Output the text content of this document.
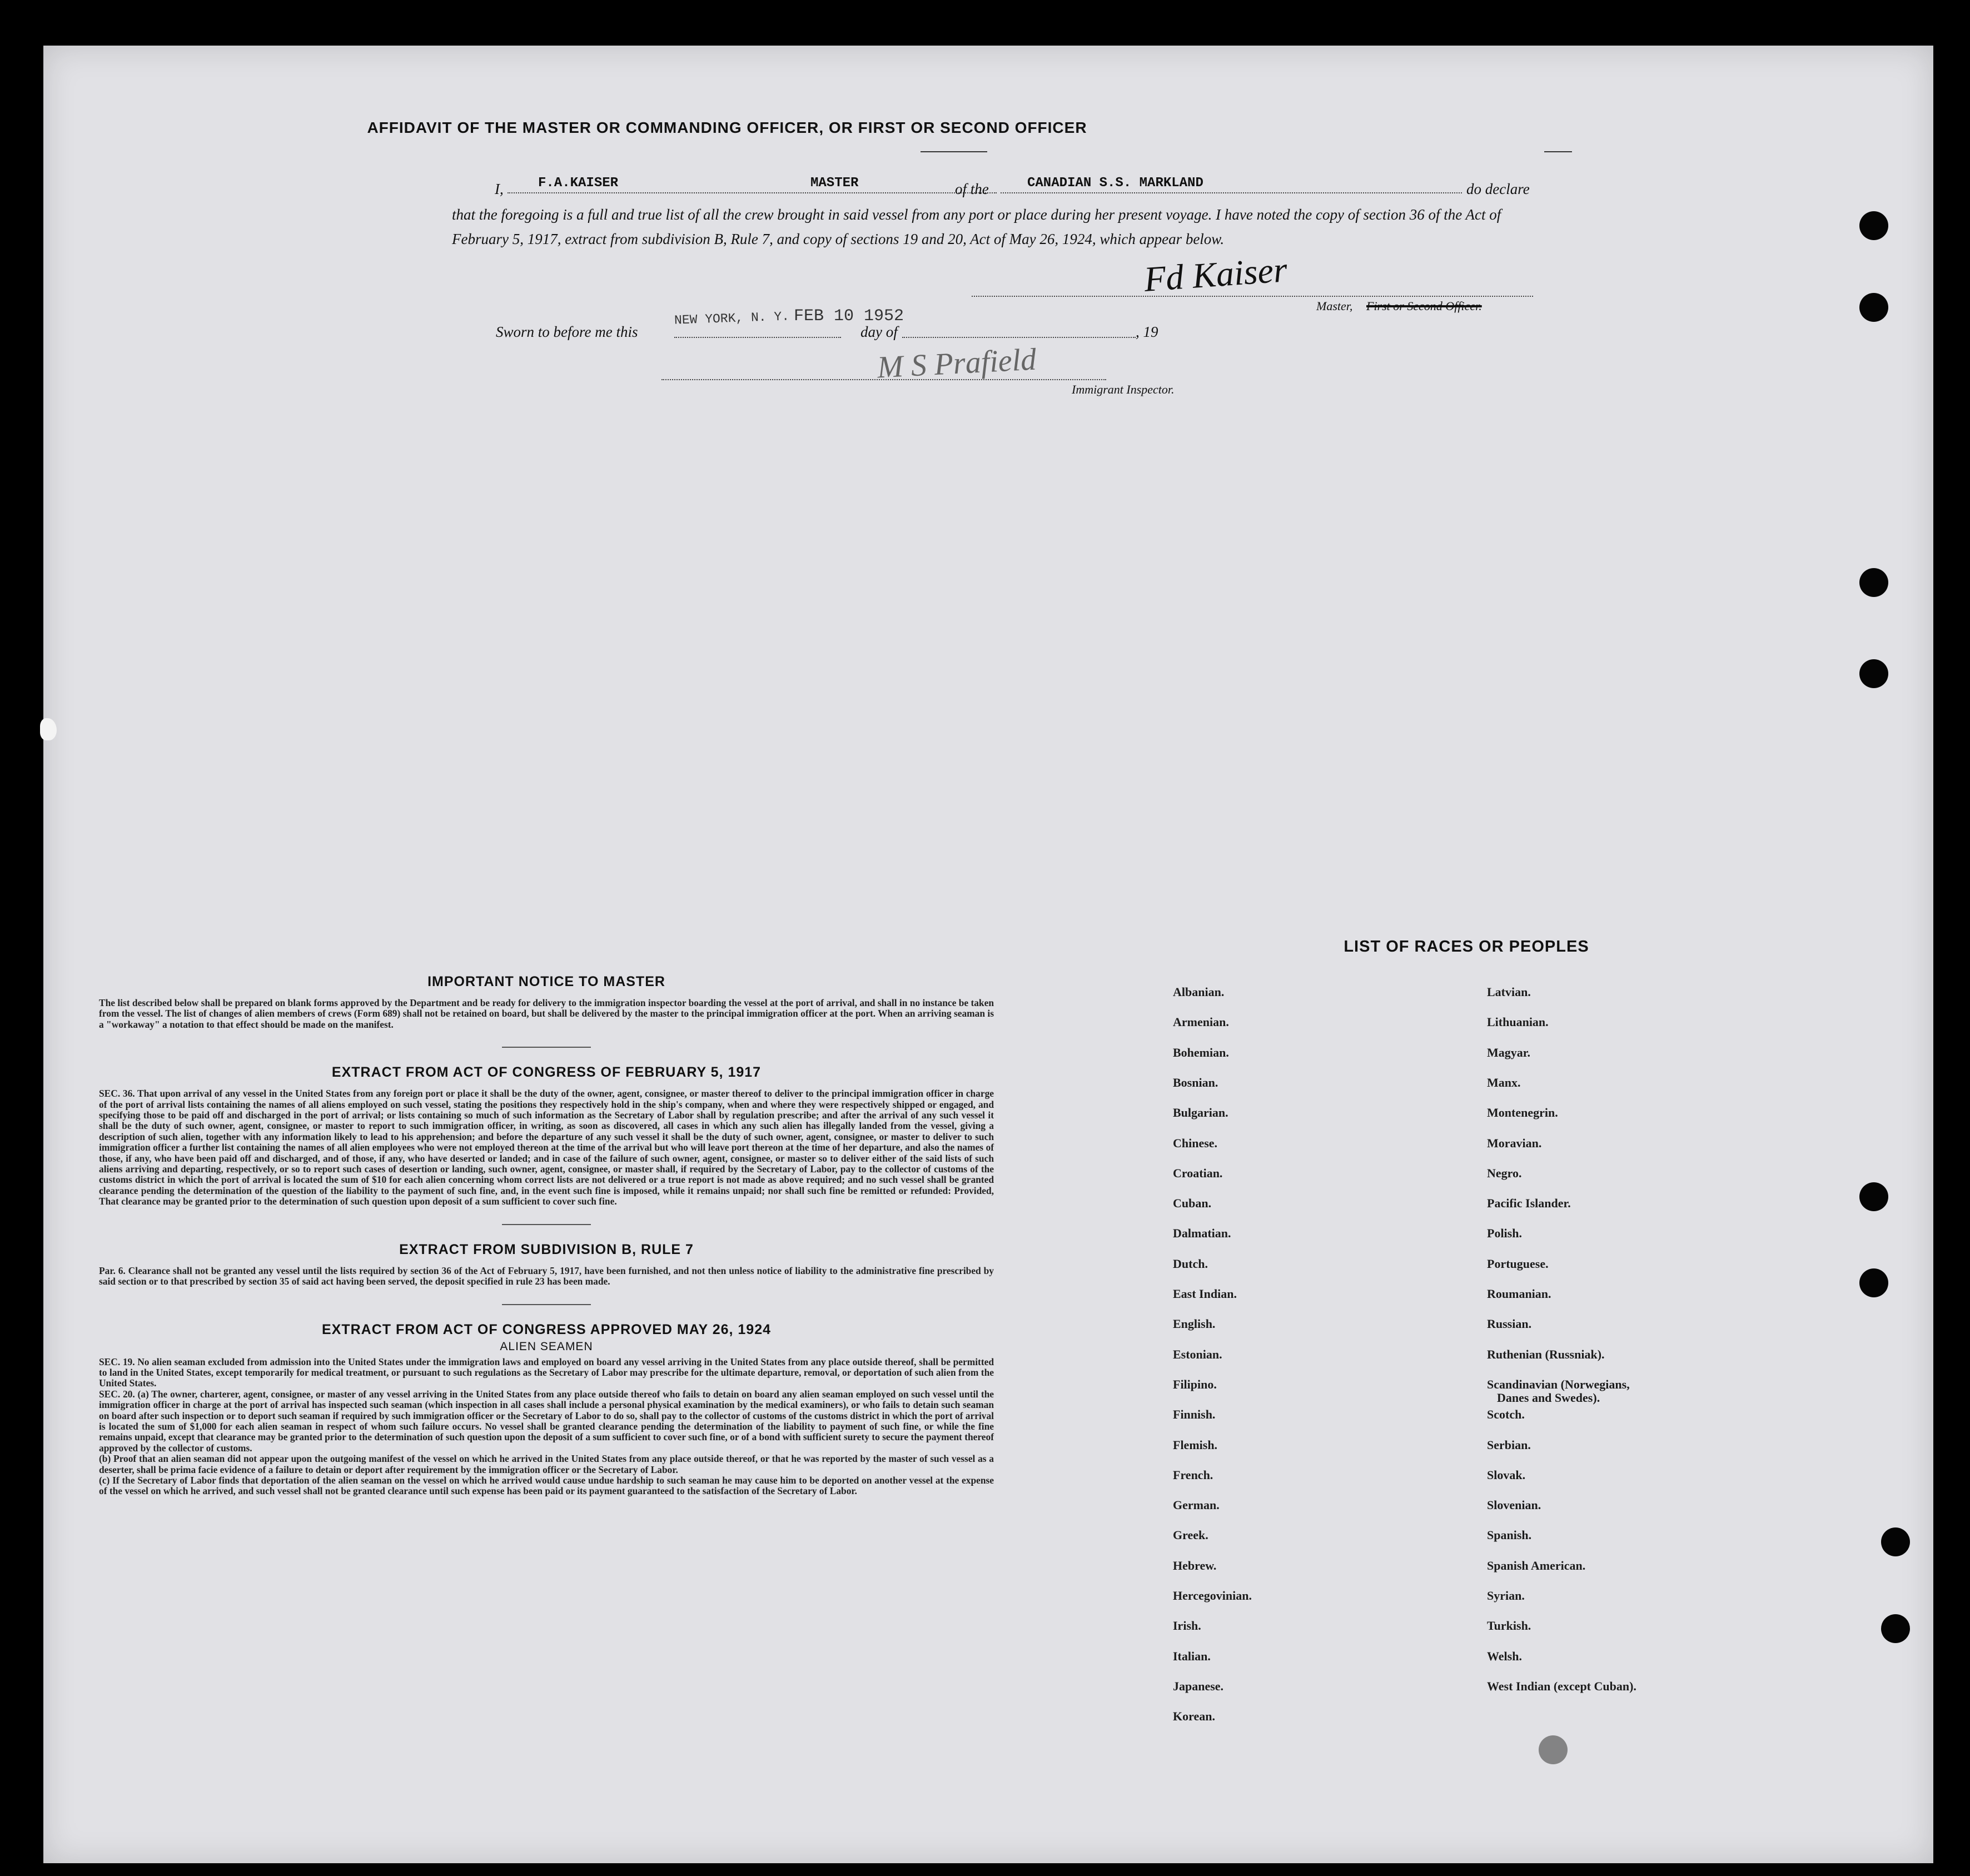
AFFIDAVIT OF THE MASTER OR COMMANDING OFFICER, OR FIRST OR SECOND OFFICER
I,	F.A.KAISER	MASTER	of the	CANADIAN S.S. MARKLAND	do declare
that the foregoing is a full and true list of all the crew brought in said vessel from any port or place during her present voyage. I have noted the copy of section 36 of the Act of February 5, 1917, extract from subdivision B, Rule 7, and copy of sections 19 and 20, Act of May 26, 1924, which appear below.
Fd Kaiser
Master, First or Second Officer.
Sworn to before me this
NEW YORK, N. Y. FEB 10 1952
day of	, 19
M S Prafield
Immigrant Inspector.
IMPORTANT NOTICE TO MASTER

The list described below shall be prepared on blank forms approved by the Department and be ready for delivery to the immigration inspector boarding the vessel at the port of arrival, and shall in no instance be taken from the vessel. The list of changes of alien members of crews (Form 689) shall not be retained on board, but shall be delivered by the master to the principal immigration officer at the port. When an arriving seaman is a "workaway" a notation to that effect should be made on the manifest.

EXTRACT FROM ACT OF CONGRESS OF FEBRUARY 5, 1917

SEC. 36. That upon arrival of any vessel in the United States from any foreign port or place it shall be the duty of the owner, agent, consignee, or master thereof to deliver to the principal immigration officer in charge of the port of arrival lists containing the names of all aliens employed on such vessel, stating the positions they respectively hold in the ship's company, when and where they were respectively shipped or engaged, and specifying those to be paid off and discharged in the port of arrival; or lists containing so much of such information as the Secretary of Labor shall by regulation prescribe; and after the arrival of any such vessel it shall be the duty of such owner, agent, consignee, or master to report to such immigration officer, in writing, as soon as discovered, all cases in which any such alien has illegally landed from the vessel, giving a description of such alien, together with any information likely to lead to his apprehension; and before the departure of any such vessel it shall be the duty of such owner, agent, consignee, or master to deliver to such immigration officer a further list containing the names of all alien employees who were not employed thereon at the time of the arrival but who will leave port thereon at the time of her departure, and also the names of those, if any, who have been paid off and discharged, and of those, if any, who have deserted or landed; and in case of the failure of such owner, agent, consignee, or master so to deliver either of the said lists of such aliens arriving and departing, respectively, or so to report such cases of desertion or landing, such owner, agent, consignee, or master shall, if required by the Secretary of Labor, pay to the collector of customs of the customs district in which the port of arrival is located the sum of $10 for each alien concerning whom correct lists are not delivered or a true report is not made as above required; and no such vessel shall be granted clearance pending the determination of the question of the liability to the payment of such fine, and, in the event such fine is imposed, while it remains unpaid; nor shall such fine be remitted or refunded: Provided, That clearance may be granted prior to the determination of such question upon deposit of a sum sufficient to cover such fine.

EXTRACT FROM SUBDIVISION B, RULE 7

Par. 6. Clearance shall not be granted any vessel until the lists required by section 36 of the Act of February 5, 1917, have been furnished, and not then unless notice of liability to the administrative fine prescribed by said section or to that prescribed by section 35 of said act having been served, the deposit specified in rule 23 has been made.

EXTRACT FROM ACT OF CONGRESS APPROVED MAY 26, 1924
ALIEN SEAMEN

SEC. 19. No alien seaman excluded from admission into the United States under the immigration laws and employed on board any vessel arriving in the United States from any place outside thereof, shall be permitted to land in the United States, except temporarily for medical treatment, or pursuant to such regulations as the Secretary of Labor may prescribe for the ultimate departure, removal, or deportation of such alien from the United States.

SEC. 20. (a) The owner, charterer, agent, consignee, or master of any vessel arriving in the United States from any place outside thereof who fails to detain on board any alien seaman employed on such vessel until the immigration officer in charge at the port of arrival has inspected such seaman (which inspection in all cases shall include a personal physical examination by the medical examiners), or who fails to detain such seaman on board after such inspection or to deport such seaman if required by such immigration officer or the Secretary of Labor to do so, shall pay to the collector of customs of the customs district in which the port of arrival is located the sum of $1,000 for each alien seaman in respect of whom such failure occurs. No vessel shall be granted clearance pending the determination of the liability to payment of such fine, or while the fine remains unpaid, except that clearance may be granted prior to the determination of such question upon the deposit of a sum sufficient to cover such fine, or of a bond with sufficient surety to secure the payment thereof approved by the collector of customs.

(b) Proof that an alien seaman did not appear upon the outgoing manifest of the vessel on which he arrived in the United States from any place outside thereof, or that he was reported by the master of such vessel as a deserter, shall be prima facie evidence of a failure to detain or deport after requirement by the immigration officer or the Secretary of Labor.

(c) If the Secretary of Labor finds that deportation of the alien seaman on the vessel on which he arrived would cause undue hardship to such seaman he may cause him to be deported on another vessel at the expense of the vessel on which he arrived, and such vessel shall not be granted clearance until such expense has been paid or its payment guaranteed to the satisfaction of the Secretary of Labor.

LIST OF RACES OR PEOPLES
Albanian.
Armenian.
Bohemian.
Bosnian.
Bulgarian.
Chinese.
Croatian.
Cuban.
Dalmatian.
Dutch.
East Indian.
English.
Estonian.
Filipino.
Finnish.
Flemish.
French.
German.
Greek.
Hebrew.
Hercegovinian.
Irish.
Italian.
Japanese.
Korean.
Latvian.
Lithuanian.
Magyar.
Manx.
Montenegrin.
Moravian.
Negro.
Pacific Islander.
Polish.
Portuguese.
Roumanian.
Russian.
Ruthenian (Russniak).
Scandinavian (Norwegians,
Danes and Swedes).
Scotch.
Serbian.
Slovak.
Slovenian.
Spanish.
Spanish American.
Syrian.
Turkish.
Welsh.
West Indian (except Cuban).
